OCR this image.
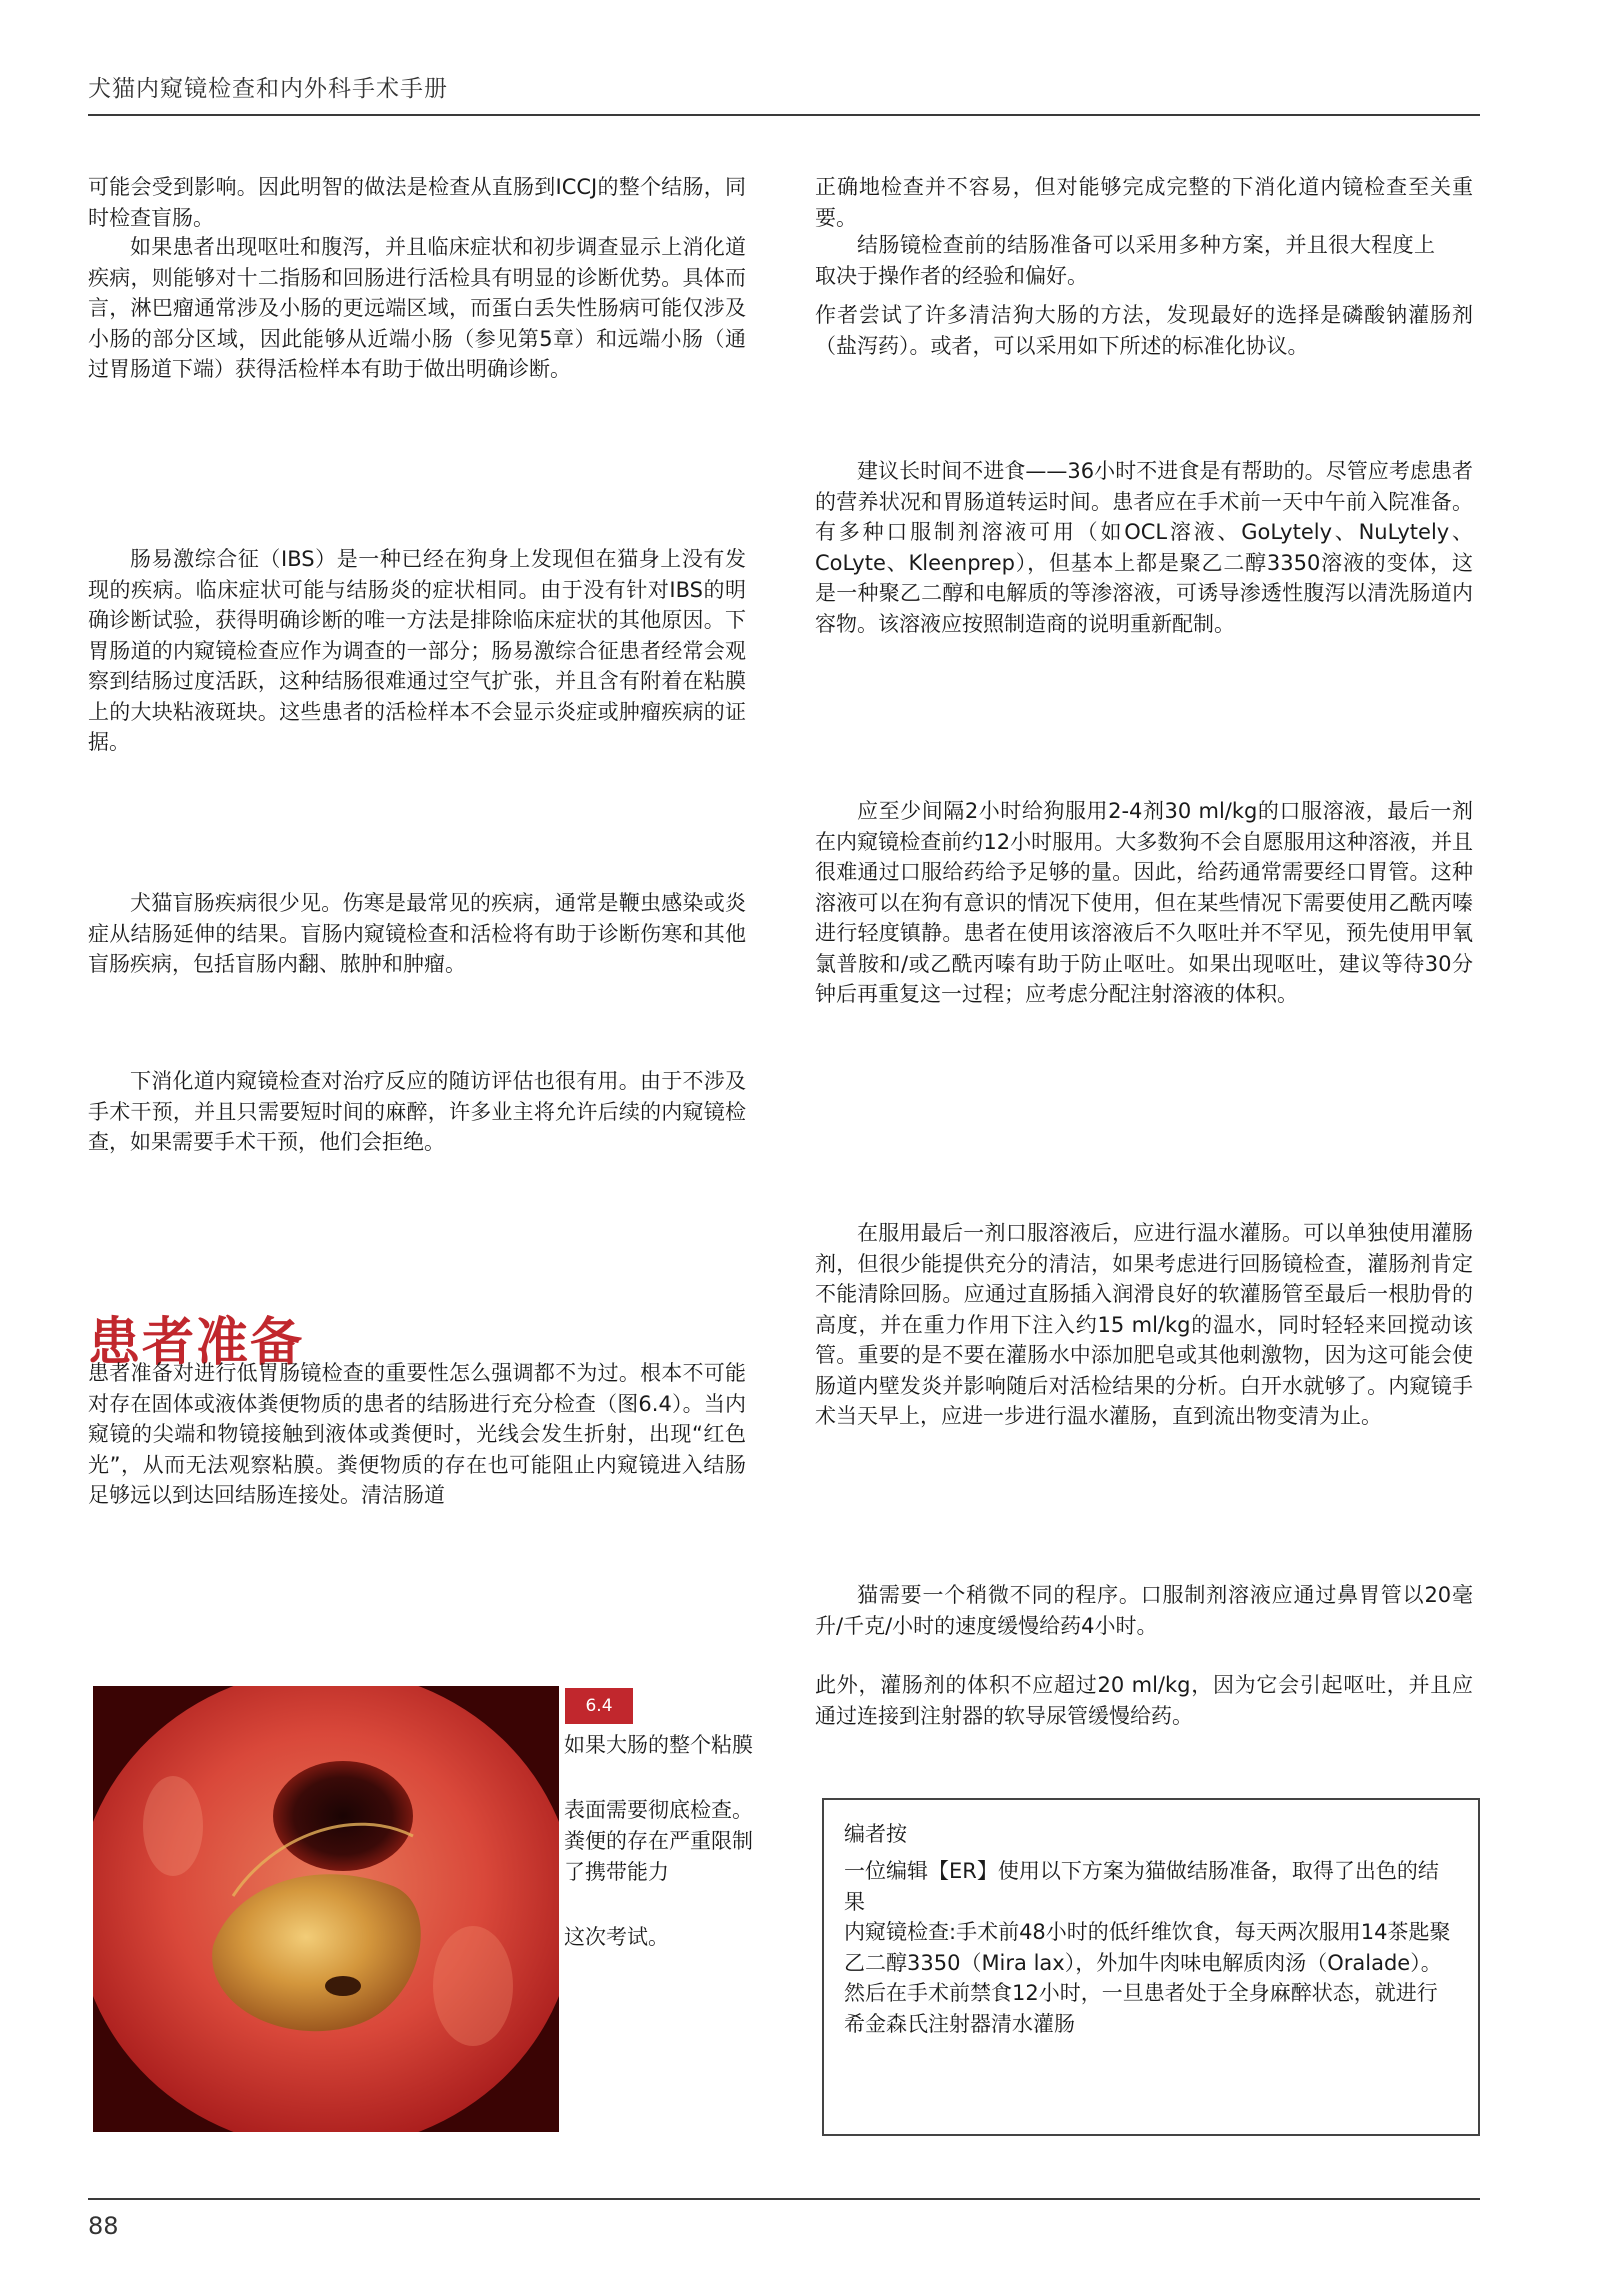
犬猫内窥镜检查和内外科手术手册

可能会受到影响。因此明智的做法是检查从直肠到ICCJ的整个结肠，同时检查盲肠。

如果患者出现呕吐和腹泻，并且临床症状和初步调查显示上消化道疾病，则能够对十二指肠和回肠进行活检具有明显的诊断优势。具体而言，淋巴瘤通常涉及小肠的更远端区域，而蛋白丢失性肠病可能仅涉及小肠的部分区域，因此能够从近端小肠（参见第5章）和远端小肠（通过胃肠道下端）获得活检样本有助于做出明确诊断。

肠易激综合征（IBS）是一种已经在狗身上发现但在猫身上没有发现的疾病。临床症状可能与结肠炎的症状相同。由于没有针对IBS的明确诊断试验，获得明确诊断的唯一方法是排除临床症状的其他原因。下胃肠道的内窥镜检查应作为调查的一部分；肠易激综合征患者经常会观察到结肠过度活跃，这种结肠很难通过空气扩张，并且含有附着在粘膜上的大块粘液斑块。这些患者的活检样本不会显示炎症或肿瘤疾病的证据。

犬猫盲肠疾病很少见。伤寒是最常见的疾病，通常是鞭虫感染或炎症从结肠延伸的结果。盲肠内窥镜检查和活检将有助于诊断伤寒和其他盲肠疾病，包括盲肠内翻、脓肿和肿瘤。

下消化道内窥镜检查对治疗反应的随访评估也很有用。由于不涉及手术干预，并且只需要短时间的麻醉，许多业主将允许后续的内窥镜检查，如果需要手术干预，他们会拒绝。

患者准备

患者准备对进行低胃肠镜检查的重要性怎么强调都不为过。根本不可能对存在固体或液体粪便物质的患者的结肠进行充分检查（图6.4）。当内窥镜的尖端和物镜接触到液体或粪便时，光线会发生折射，出现“红色光”，从而无法观察粘膜。粪便物质的存在也可能阻止内窥镜进入结肠足够远以到达回结肠连接处。清洁肠道

6.4

如果大肠的整个粘膜

表面需要彻底检查。粪便的存在严重限制了携带能力

这次考试。

正确地检查并不容易，但对能够完成完整的下消化道内镜检查至关重要。

结肠镜检查前的结肠准备可以采用多种方案，并且很大程度上取决于操作者的经验和偏好。

作者尝试了许多清洁狗大肠的方法，发现最好的选择是磷酸钠灌肠剂（盐泻药）。或者，可以采用如下所述的标准化协议。

建议长时间不进食——36小时不进食是有帮助的。尽管应考虑患者的营养状况和胃肠道转运时间。患者应在手术前一天中午前入院准备。有多种口服制剂溶液可用（如OCL溶液、GoLytely、NuLytely、CoLyte、Kleenprep），但基本上都是聚乙二醇3350溶液的变体，这是一种聚乙二醇和电解质的等渗溶液，可诱导渗透性腹泻以清洗肠道内容物。该溶液应按照制造商的说明重新配制。

应至少间隔2小时给狗服用2-4剂30 ml/kg的口服溶液，最后一剂在内窥镜检查前约12小时服用。大多数狗不会自愿服用这种溶液，并且很难通过口服给药给予足够的量。因此，给药通常需要经口胃管。这种溶液可以在狗有意识的情况下使用，但在某些情况下需要使用乙酰丙嗪进行轻度镇静。患者在使用该溶液后不久呕吐并不罕见，预先使用甲氧氯普胺和/或乙酰丙嗪有助于防止呕吐。如果出现呕吐，建议等待30分钟后再重复这一过程；应考虑分配注射溶液的体积。

在服用最后一剂口服溶液后，应进行温水灌肠。可以单独使用灌肠剂，但很少能提供充分的清洁，如果考虑进行回肠镜检查，灌肠剂肯定不能清除回肠。应通过直肠插入润滑良好的软灌肠管至最后一根肋骨的高度，并在重力作用下注入约15 ml/kg的温水，同时轻轻来回搅动该管。重要的是不要在灌肠水中添加肥皂或其他刺激物，因为这可能会使肠道内壁发炎并影响随后对活检结果的分析。白开水就够了。内窥镜手术当天早上，应进一步进行温水灌肠，直到流出物变清为止。

猫需要一个稍微不同的程序。口服制剂溶液应通过鼻胃管以20毫升/千克/小时的速度缓慢给药4小时。

此外，灌肠剂的体积不应超过20 ml/kg，因为它会引起呕吐，并且应通过连接到注射器的软导尿管缓慢给药。

编者按
一位编辑【ER】使用以下方案为猫做结肠准备，取得了出色的结果
内窥镜检查:手术前48小时的低纤维饮食，每天两次服用14茶匙聚乙二醇3350（Mira lax），外加牛肉味电解质肉汤（Oralade）。然后在手术前禁食12小时，一旦患者处于全身麻醉状态，就进行希金森氏注射器清水灌肠
88
